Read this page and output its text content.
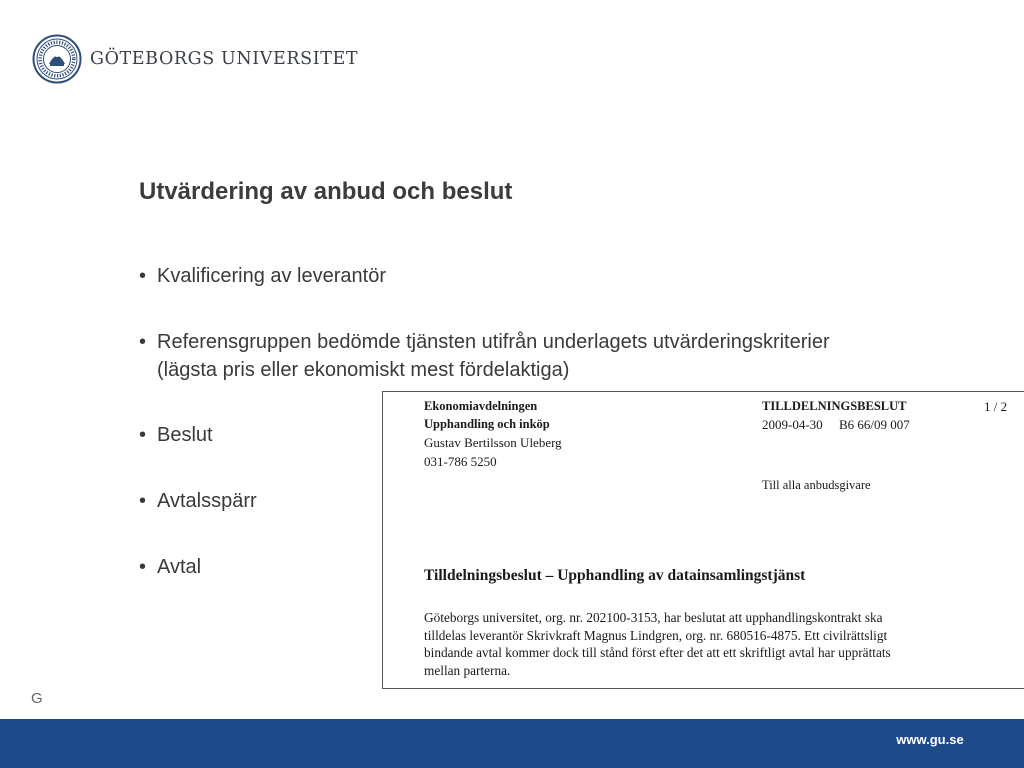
GÖTEBORGS UNIVERSITET
Utvärdering av anbud och beslut
• Kvalificering av leverantör
• Referensgruppen bedömde tjänsten utifrån underlagets utvärderingskriterier (lägsta pris eller ekonomiskt mest fördelaktiga)
• Beslut
• Avtalsspärr
• Avtal
Ekonomiavdelningen
Upphandling och inköp
Gustav Bertilsson Uleberg
031-786 5250
TILLDELNINGSBESLUT	1 / 2
2009-04-30 B6 66/09 007
Till alla anbudsgivare
Tilldelningsbeslut – Upphandling av datainsamlingstjänst
Göteborgs universitet, org. nr. 202100-3153, har beslutat att upphandlingskontrakt ska tilldelas leverantör Skrivkraft Magnus Lindgren, org. nr. 680516-4875. Ett civilrättsligt bindande avtal kommer dock till stånd först efter det att ett skriftligt avtal har upprättats mellan parterna.
G
www.gu.se
